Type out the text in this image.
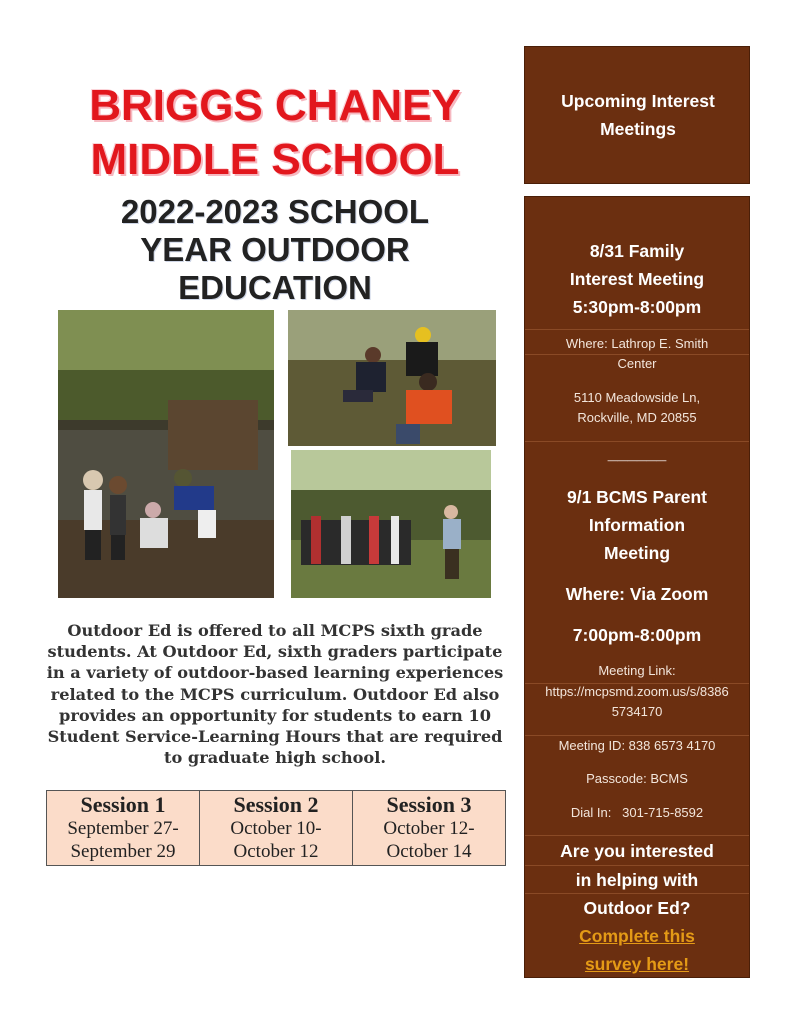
BRIGGS CHANEY
MIDDLE SCHOOL
2022-2023 SCHOOL
YEAR OUTDOOR
EDUCATION
Outdoor Ed is offered to all MCPS sixth grade students. At Outdoor Ed, sixth graders participate in a variety of outdoor-based learning experiences related to the MCPS curriculum. Outdoor Ed also provides an opportunity for students to earn 10 Student Service-Learning Hours that are required to graduate high school.
Session 1
September 27-
September 29
Session 2
October 10-
October 12
Session 3
October 12-
October 14
Upcoming Interest Meetings
8/31 Family
Interest Meeting
5:30pm-8:00pm
Where: Lathrop E. Smith
Center
5110 Meadowside Ln,
Rockville, MD 20855
______
9/1 BCMS Parent
Information
Meeting
Where: Via Zoom
7:00pm-8:00pm
Meeting Link:
https://mcpsmd.zoom.us/s/8386
5734170
Meeting ID: 838 6573 4170
Passcode: BCMS
Dial In:   301-715-8592
Are you interested
in helping with
Outdoor Ed?
Complete this
survey here!
